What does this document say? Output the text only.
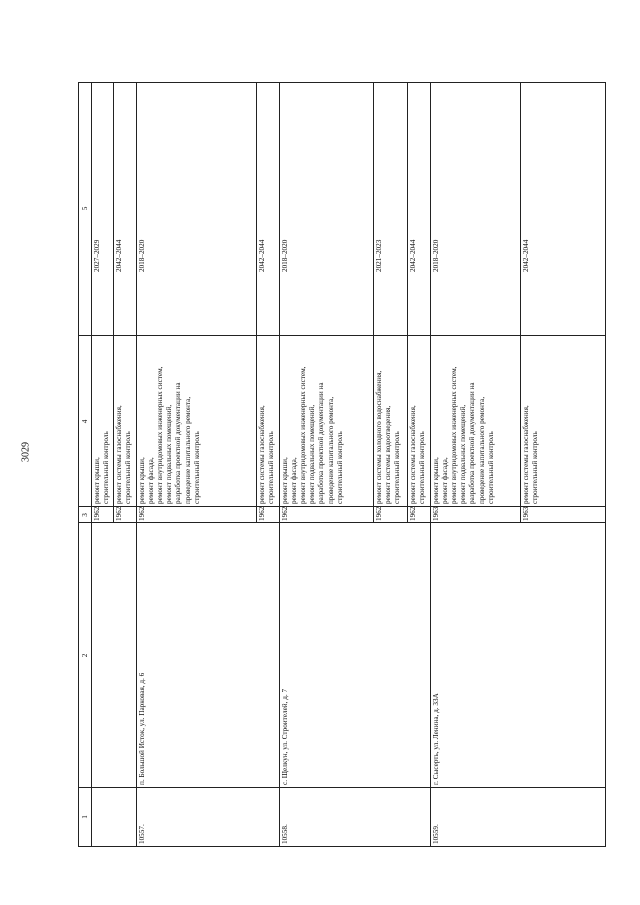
3029
1
2
3
4
5
1962
ремонт крыши, строительный контроль
2027–2029
1962
ремонт системы газоснабжения, строительный контроль
2042–2044
10557.
п. Большой Исток, ул. Парковая, д. 6
1962
ремонт крыши, ремонт фасада, ремонт внутридомовых инженерных систем, ремонт подвальных помещений, разработка проектной документации на проведение капитального ремонта, строительный контроль
2018–2020
1962
ремонт системы газоснабжения, строительный контроль
2042–2044
10558.
с. Щелкун, ул. Строителей, д. 7
1962
ремонт крыши, ремонт фасада, ремонт внутридомовых инженерных систем, ремонт подвальных помещений, разработка проектной документации на проведение капитального ремонта, строительный контроль
2018–2020
1962
ремонт системы холодного водоснабжения, ремонт системы водоотведения, строительный контроль
2021–2023
1962
ремонт системы газоснабжения, строительный контроль
2042–2044
10559.
г. Сысерть, ул. Ленина, д. 33А
1963
ремонт крыши, ремонт фасада, ремонт внутридомовых инженерных систем, ремонт подвальных помещений, разработка проектной документации на проведение капитального ремонта, строительный контроль
2018–2020
1963
ремонт системы газоснабжения, строительный контроль
2042–2044
